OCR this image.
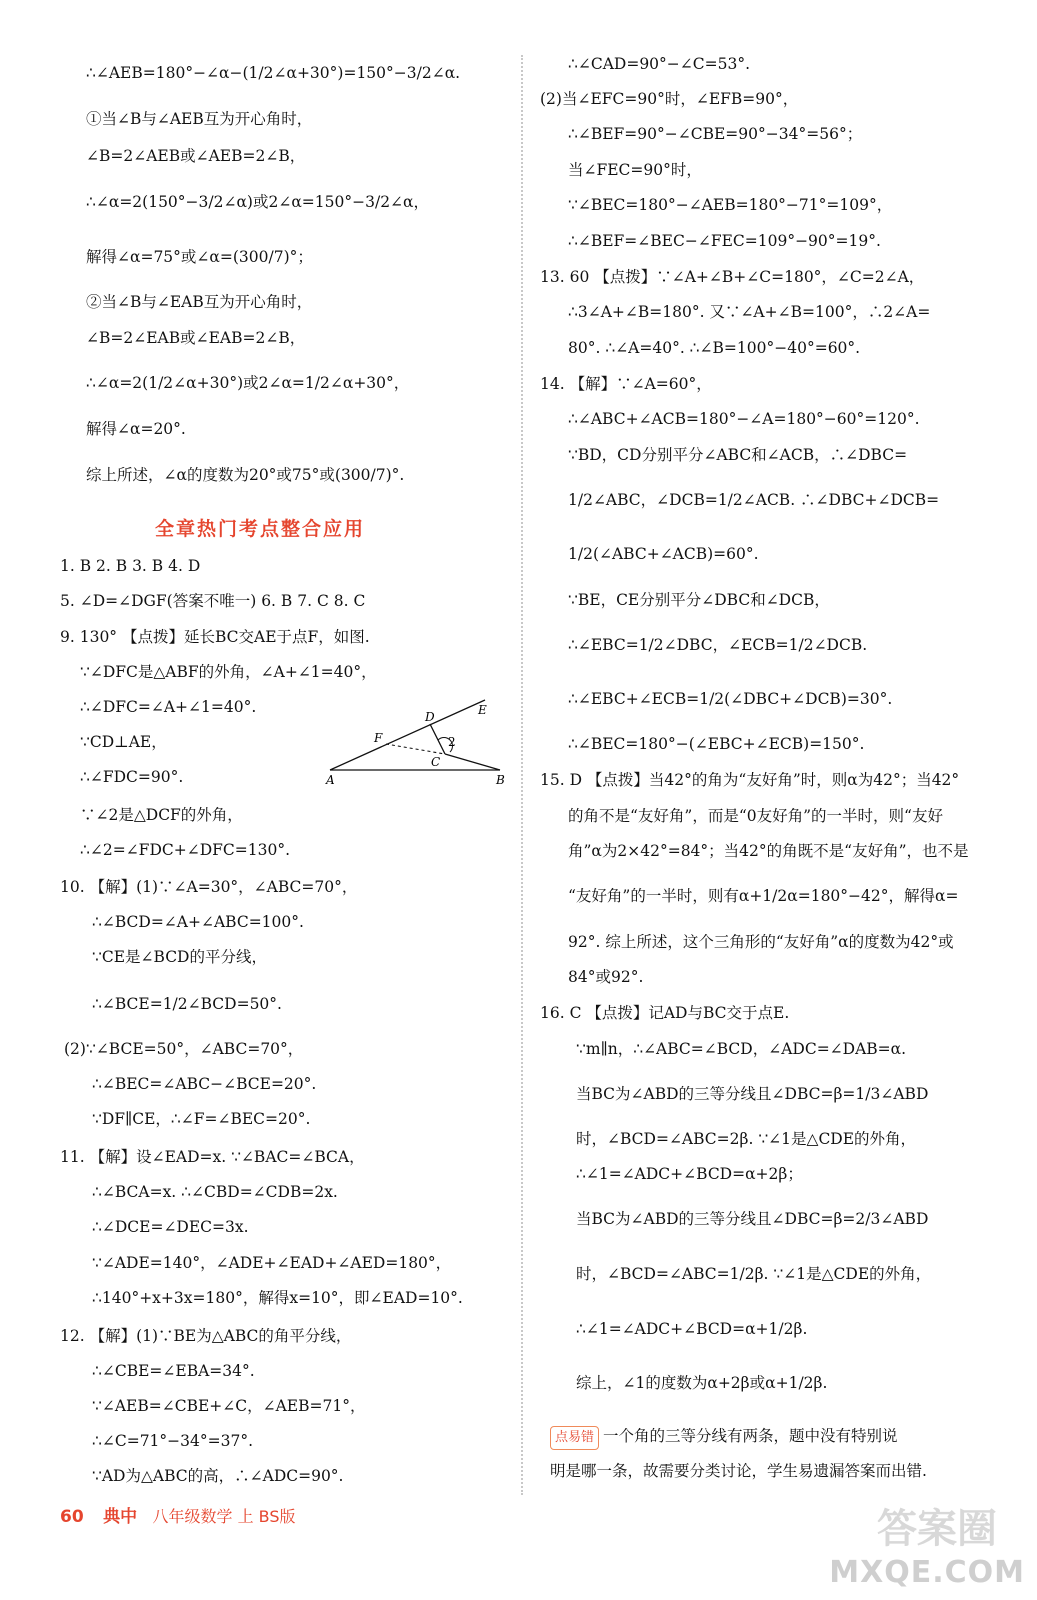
∴∠AEB=180°−∠α−(1/2∠α+30°)=150°−3/2∠α.
①当∠B与∠AEB互为开心角时，
∠B=2∠AEB或∠AEB=2∠B，
∴∠α=2(150°−3/2∠α)或2∠α=150°−3/2∠α，
解得∠α=75°或∠α=(300/7)°；
②当∠B与∠EAB互为开心角时，
∠B=2∠EAB或∠EAB=2∠B，
∴∠α=2(1/2∠α+30°)或2∠α=1/2∠α+30°，
解得∠α=20°.
综上所述，∠α的度数为20°或75°或(300/7)°.
全章热门考点整合应用
1. B 2. B 3. B 4. D
5. ∠D=∠DGF(答案不唯一) 6. B 7. C 8. C
9. 130° 【点拨】延长BC交AE于点F，如图.
∵∠DFC是△ABF的外角，∠A+∠1=40°，
∴∠DFC=∠A+∠1=40°.
∵CD⊥AE，
∴∠FDC=90°.
∵∠2是△DCF的外角，
∴∠2=∠FDC+∠DFC=130°.
D	E
F	2
C
A	B
10. 【解】(1)∵∠A=30°，∠ABC=70°，
∴∠BCD=∠A+∠ABC=100°.
∵CE是∠BCD的平分线，
∴∠BCE=1/2∠BCD=50°.
(2)∵∠BCE=50°，∠ABC=70°，
∴∠BEC=∠ABC−∠BCE=20°.
∵DF∥CE，∴∠F=∠BEC=20°.
11. 【解】设∠EAD=x. ∵∠BAC=∠BCA，
∴∠BCA=x. ∴∠CBD=∠CDB=2x.
∴∠DCE=∠DEC=3x.
∵∠ADE=140°，∠ADE+∠EAD+∠AED=180°，
∴140°+x+3x=180°，解得x=10°，即∠EAD=10°.
12. 【解】(1)∵BE为△ABC的角平分线，
∴∠CBE=∠EBA=34°.
∵∠AEB=∠CBE+∠C，∠AEB=71°，
∴∠C=71°−34°=37°.
∵AD为△ABC的高，∴∠ADC=90°.
∴∠CAD=90°−∠C=53°.
(2)当∠EFC=90°时，∠EFB=90°，
∴∠BEF=90°−∠CBE=90°−34°=56°；
当∠FEC=90°时，
∵∠BEC=180°−∠AEB=180°−71°=109°，
∴∠BEF=∠BEC−∠FEC=109°−90°=19°.
13. 60 【点拨】∵∠A+∠B+∠C=180°，∠C=2∠A，
∴3∠A+∠B=180°. 又∵∠A+∠B=100°，∴2∠A=
80°. ∴∠A=40°. ∴∠B=100°−40°=60°.
14. 【解】∵∠A=60°，
∴∠ABC+∠ACB=180°−∠A=180°−60°=120°.
∵BD，CD分别平分∠ABC和∠ACB，∴∠DBC=
1/2∠ABC，∠DCB=1/2∠ACB. ∴∠DBC+∠DCB=
1/2(∠ABC+∠ACB)=60°.
∵BE，CE分别平分∠DBC和∠DCB，
∴∠EBC=1/2∠DBC，∠ECB=1/2∠DCB.
∴∠EBC+∠ECB=1/2(∠DBC+∠DCB)=30°.
∴∠BEC=180°−(∠EBC+∠ECB)=150°.
15. D 【点拨】当42°的角为“友好角”时，则α为42°；当42°
的角不是“友好角”，而是“0友好角”的一半时，则“友好
角”α为2×42°=84°；当42°的角既不是“友好角”，也不是
“友好角”的一半时，则有α+1/2α=180°−42°，解得α=
92°. 综上所述，这个三角形的“友好角”α的度数为42°或
84°或92°.
16. C 【点拨】记AD与BC交于点E.
∵m∥n，∴∠ABC=∠BCD，∠ADC=∠DAB=α.
当BC为∠ABD的三等分线且∠DBC=β=1/3∠ABD
时，∠BCD=∠ABC=2β. ∵∠1是△CDE的外角，
∴∠1=∠ADC+∠BCD=α+2β；
当BC为∠ABD的三等分线且∠DBC=β=2/3∠ABD
时，∠BCD=∠ABC=1/2β. ∵∠1是△CDE的外角，
∴∠1=∠ADC+∠BCD=α+1/2β.
综上，∠1的度数为α+2β或α+1/2β.
点易错 一个角的三等分线有两条，题中没有特别说
明是哪一条，故需要分类讨论，学生易遗漏答案而出错.
60 典中 八年级数学 上 BS版	答案圈
MXQE.COM
